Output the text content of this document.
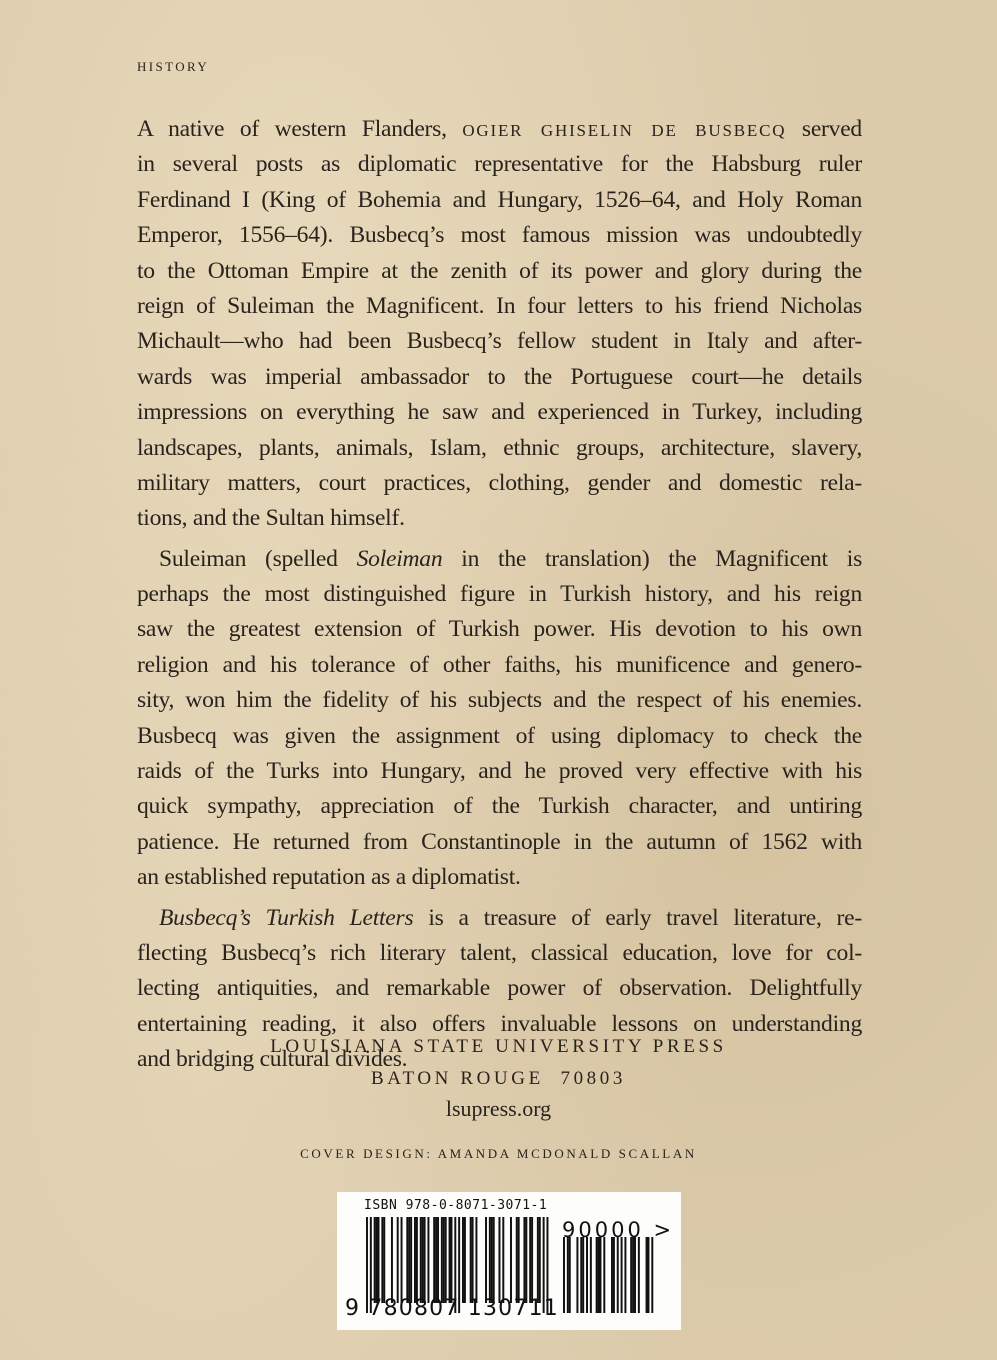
HISTORY
A native of western Flanders, ogier ghiselin de busbecq served
in several posts as diplomatic representative for the Habsburg ruler
Ferdinand I (King of Bohemia and Hungary, 1526–64, and Holy Roman
Emperor, 1556–64). Busbecq’s most famous mission was undoubtedly
to the Ottoman Empire at the zenith of its power and glory during the
reign of Suleiman the Magnificent. In four letters to his friend Nicholas
Michault—who had been Busbecq’s fellow student in Italy and after-
wards was imperial ambassador to the Portuguese court—he details
impressions on everything he saw and experienced in Turkey, including
landscapes, plants, animals, Islam, ethnic groups, architecture, slavery,
military matters, court practices, clothing, gender and domestic rela-
tions, and the Sultan himself.
Suleiman (spelled Soleiman in the translation) the Magnificent is
perhaps the most distinguished figure in Turkish history, and his reign
saw the greatest extension of Turkish power. His devotion to his own
religion and his tolerance of other faiths, his munificence and genero-
sity, won him the fidelity of his subjects and the respect of his enemies.
Busbecq was given the assignment of using diplomacy to check the
raids of the Turks into Hungary, and he proved very effective with his
quick sympathy, appreciation of the Turkish character, and untiring
patience. He returned from Constantinople in the autumn of 1562 with
an established reputation as a diplomatist.
Busbecq’s Turkish Letters is a treasure of early travel literature, re-
flecting Busbecq’s rich literary talent, classical education, love for col-
lecting antiquities, and remarkable power of observation. Delightfully
entertaining reading, it also offers invaluable lessons on understanding
and bridging cultural divides.
LOUISIANA STATE UNIVERSITY PRESS
BATON ROUGE  70803
lsupress.org
COVER DESIGN: AMANDA MCDONALD SCALLAN
ISBN 978-0-8071-3071-1
90000 >
9 780807 130711
